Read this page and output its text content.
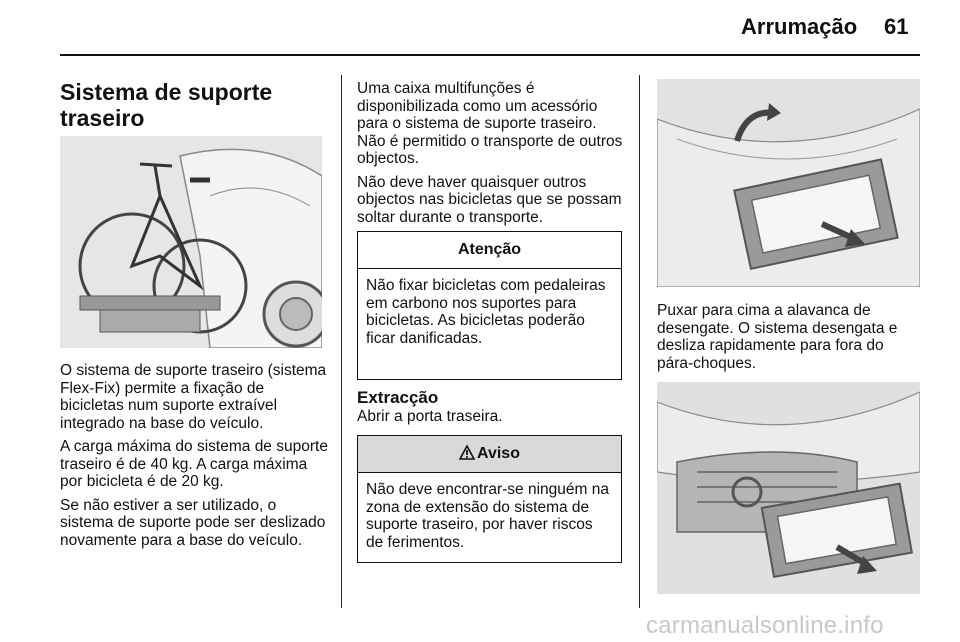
Arrumação 61
Sistema de suporte traseiro

O sistema de suporte traseiro (sistema Flex-Fix) permite a fixação de bicicletas num suporte extraível integrado na base do veículo.

A carga máxima do sistema de suporte traseiro é de 40 kg. A carga máxima por bicicleta é de 20 kg.

Se não estiver a ser utilizado, o sistema de suporte pode ser deslizado novamente para a base do veículo.

Uma caixa multifunções é disponibilizada como um acessório para o sistema de suporte traseiro. Não é permitido o transporte de outros objectos.

Não deve haver quaisquer outros objectos nas bicicletas que se possam soltar durante o transporte.

Atenção
Não fixar bicicletas com pedaleiras em carbono nos suportes para bicicletas. As bicicletas poderão ficar danificadas.
Extracção

Abrir a porta traseira.

Aviso
Não deve encontrar-se ninguém na zona de extensão do sistema de suporte traseiro, por haver riscos de ferimentos.

Puxar para cima a alavanca de desengate. O sistema desengata e desliza rapidamente para fora do pára-choques.

carmanualsonline.info
